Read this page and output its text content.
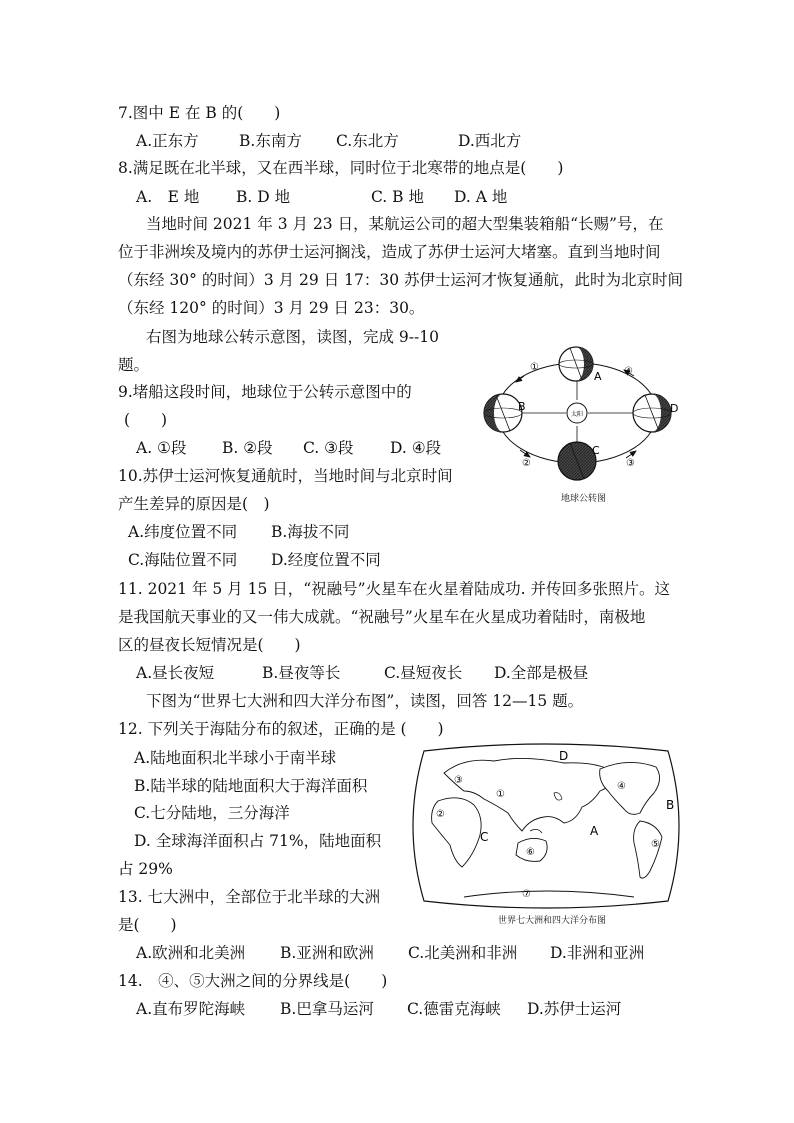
7.图中 E 在 B 的(　　)
A.正东方	B.东南方 C.东北方	D.西北方
8.满足既在北半球，又在西半球，同时位于北寒带的地点是(　　)
A.　E 地 B. D 地	C. B 地 D. A 地
当地时间 2021 年 3 月 23 日，某航运公司的超大型集装箱船“长赐”号，在
位于非洲埃及境内的苏伊士运河搁浅，造成了苏伊士运河大堵塞。直到当地时间
（东经 30° 的时间）3 月 29 日 17：30 苏伊士运河才恢复通航，此时为北京时间
（东经 120° 的时间）3 月 29 日 23：30。
右图为地球公转示意图，读图，完成 9--10
题。
9.堵船这段时间，地球位于公转示意图中的
(　　)
A. ①段 B. ②段 C. ③段 D. ④段
10.苏伊士运河恢复通航时，当地时间与北京时间
产生差异的原因是(　)
A.纬度位置不同 B.海拔不同
C.海陆位置不同 D.经度位置不同
11. 2021 年 5 月 15 日，“祝融号”火星车在火星着陆成功. 并传回多张照片。这
是我国航天事业的又一伟大成就。“祝融号”火星车在火星成功着陆时，南极地
区的昼夜长短情况是(　　)
A.昼长夜短	B.昼夜等长	C.昼短夜长 D.全部是极昼
下图为“世界七大洲和四大洋分布图”，读图，回答 12—15 题。
12. 下列关于海陆分布的叙述，正确的是 (　　)
A.陆地面积北半球小于南半球
B.陆半球的陆地面积大于海洋面积
C.七分陆地，三分海洋
D. 全球海洋面积占 71%，陆地面积
占 29%
13. 七大洲中，全部位于北半球的大洲
是(　　)
A.欧洲和北美洲 B.亚洲和欧洲 C.北美洲和非洲 D.非洲和亚洲
14.　④、⑤大洲之间的分界线是(　　)
A.直布罗陀海峡 B.巴拿马运河 C.德雷克海峡 D.苏伊士运河
太阳
A
B
C
D
①
②	③
④
地球公转图
D
B
A
C
①
②
③
④
⑤
⑥
⑦
世界七大洲和四大洋分布图
